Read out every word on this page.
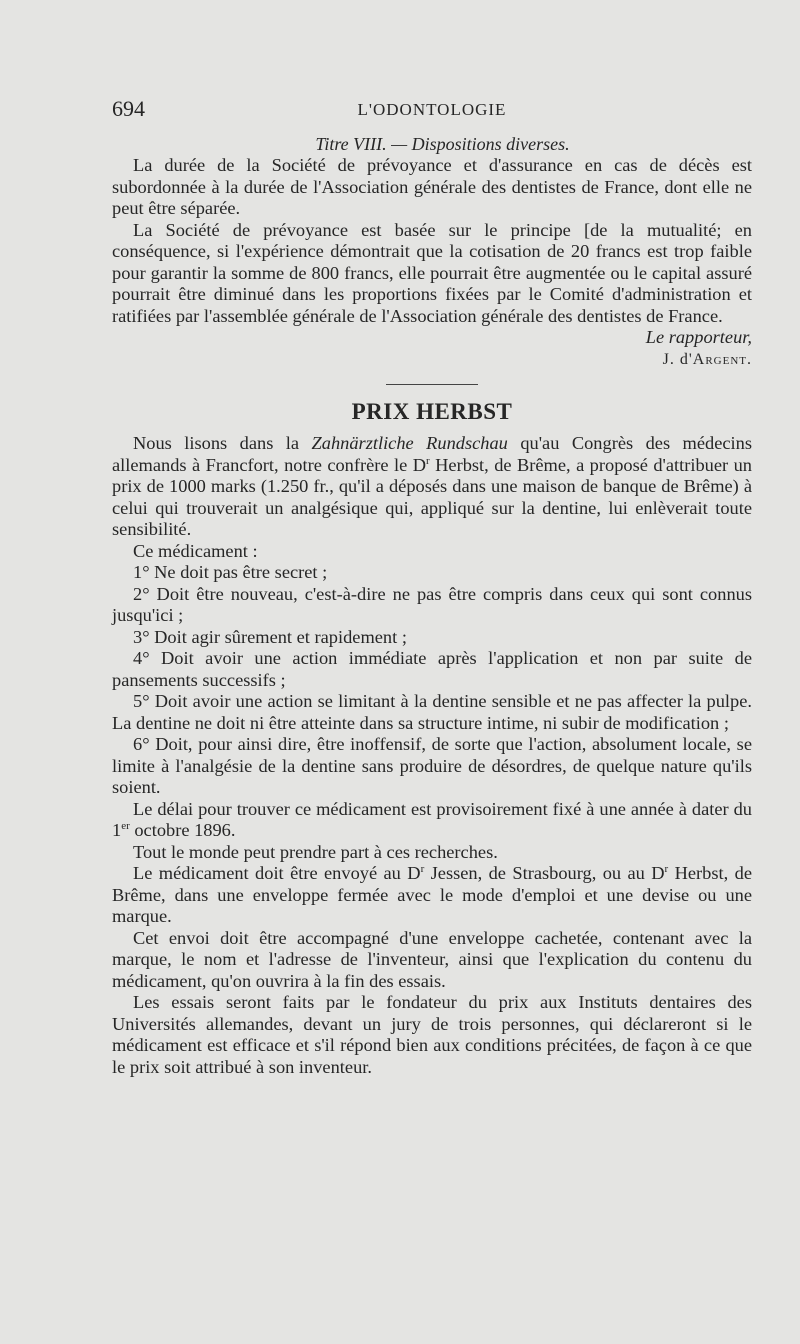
694	L'ODONTOLOGIE

Titre VIII. — Dispositions diverses.

La durée de la Société de prévoyance et d'assurance en cas de décès est subordonnée à la durée de l'Association générale des dentistes de France, dont elle ne peut être séparée.

La Société de prévoyance est basée sur le principe [de la mutualité; en conséquence, si l'expérience démontrait que la cotisation de 20 francs est trop faible pour garantir la somme de 800 francs, elle pourrait être augmentée ou le capital assuré pourrait être diminué dans les proportions fixées par le Comité d'administration et ratifiées par l'assemblée générale de l'Association générale des dentistes de France.

Le rapporteur,

J. d'Argent.

PRIX HERBST

Nous lisons dans la Zahnärztliche Rundschau qu'au Congrès des médecins allemands à Francfort, notre confrère le $D^r$ Herbst, de Brême, a proposé d'attribuer un prix de 1000 marks (1.250 fr., qu'il a déposés dans une maison de banque de Brême) à celui qui trouverait un analgésique qui, appliqué sur la dentine, lui enlèverait toute sensibilité.

Ce médicament :

1° Ne doit pas être secret ;

2° Doit être nouveau, c'est-à-dire ne pas être compris dans ceux qui sont connus jusqu'ici ;

3° Doit agir sûrement et rapidement ;

4° Doit avoir une action immédiate après l'application et non par suite de pansements successifs ;

5° Doit avoir une action se limitant à la dentine sensible et ne pas affecter la pulpe. La dentine ne doit ni être atteinte dans sa structure intime, ni subir de modification ;

6° Doit, pour ainsi dire, être inoffensif, de sorte que l'action, absolument locale, se limite à l'analgésie de la dentine sans produire de désordres, de quelque nature qu'ils soient.

Le délai pour trouver ce médicament est provisoirement fixé à une année à dater du 1er octobre 1896.

Tout le monde peut prendre part à ces recherches.

Le médicament doit être envoyé au $D^r$ Jessen, de Strasbourg, ou au $D^r$ Herbst, de Brême, dans une enveloppe fermée avec le mode d'emploi et une devise ou une marque.

Cet envoi doit être accompagné d'une enveloppe cachetée, contenant avec la marque, le nom et l'adresse de l'inventeur, ainsi que l'explication du contenu du médicament, qu'on ouvrira à la fin des essais.

Les essais seront faits par le fondateur du prix aux Instituts dentaires des Universités allemandes, devant un jury de trois personnes, qui déclareront si le médicament est efficace et s'il répond bien aux conditions précitées, de façon à ce que le prix soit attribué à son inventeur.
